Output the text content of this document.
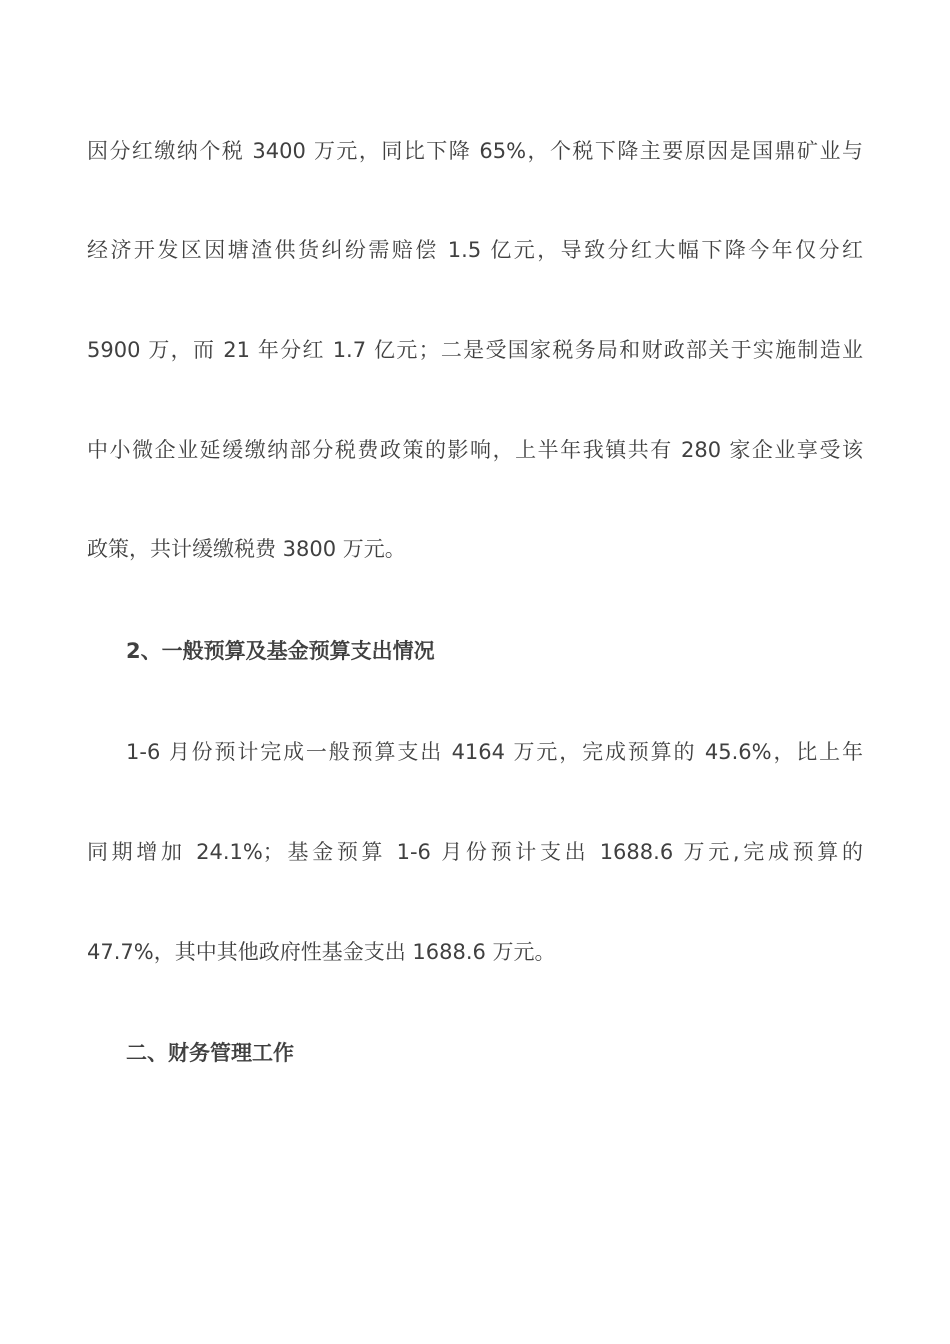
因分红缴纳个税 3400 万元，同比下降 65%，个税下降主要原因是国鼎矿业与
经济开发区因塘渣供货纠纷需赔偿 1.5 亿元，导致分红大幅下降今年仅分红
5900 万，而 21 年分红 1.7 亿元；二是受国家税务局和财政部关于实施制造业
中小微企业延缓缴纳部分税费政策的影响，上半年我镇共有 280 家企业享受该
政策，共计缓缴税费 3800 万元。
2、一般预算及基金预算支出情况
1-6 月份预计完成一般预算支出 4164 万元，完成预算的 45.6%，比上年
同期增加 24.1%；基金预算 1-6 月份预计支出 1688.6 万元,完成预算的
47.7%，其中其他政府性基金支出 1688.6 万元。
二、财务管理工作
